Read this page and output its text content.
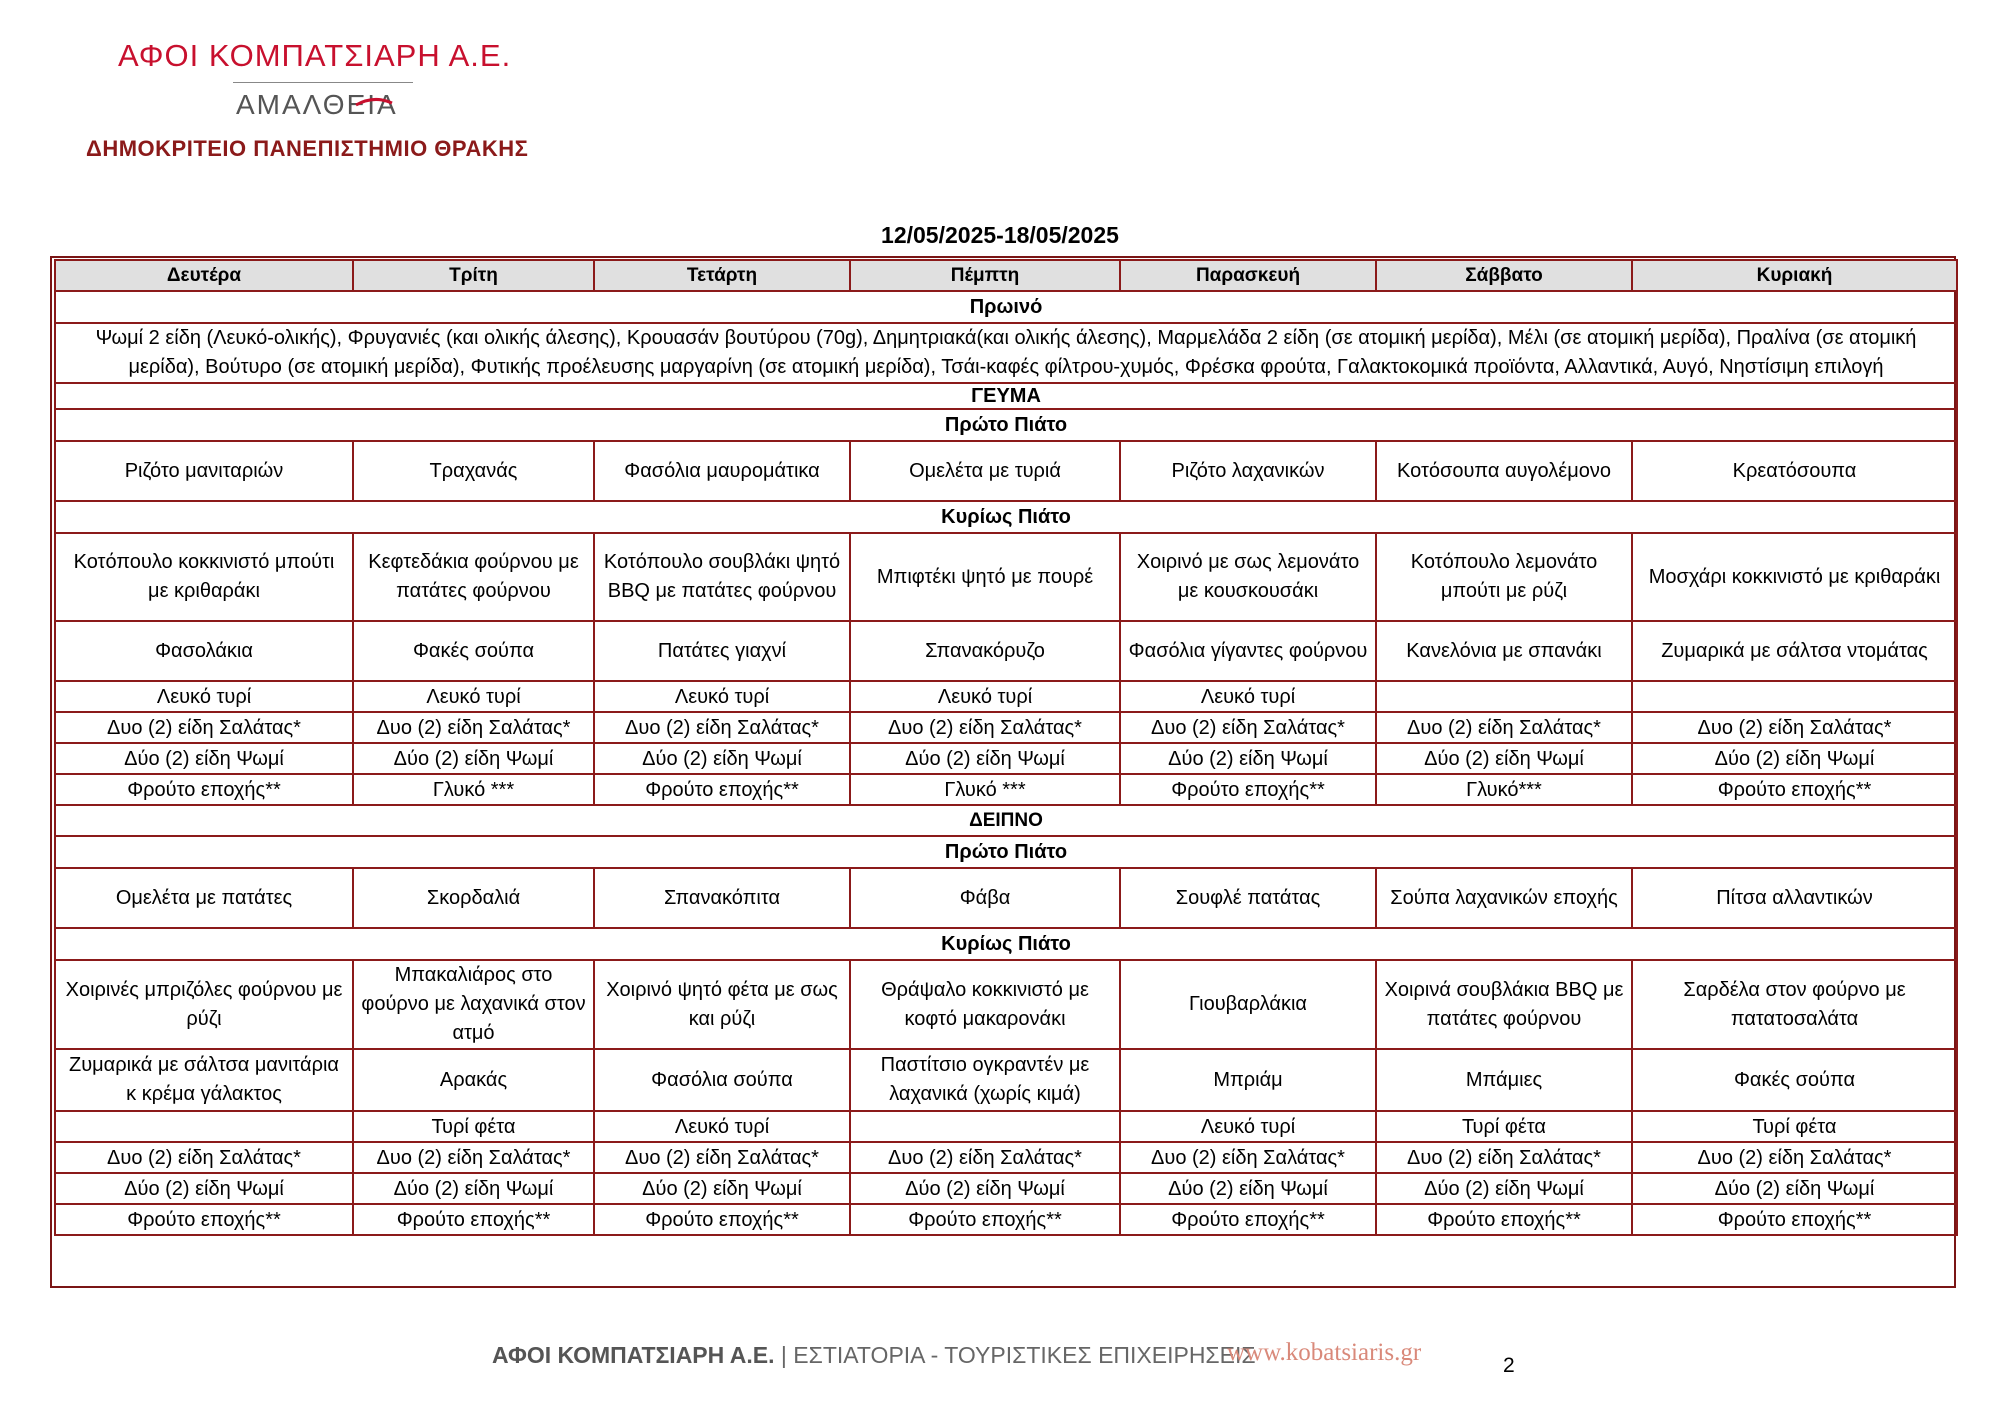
ΑΦΟΙ ΚΟΜΠΑΤΣΙΑΡΗ Α.Ε.
ΑΜΑΛΘΕΙΑ
ΔΗΜΟΚΡΙΤΕΙΟ ΠΑΝΕΠΙΣΤΗΜΙΟ ΘΡΑΚΗΣ
12/05/2025-18/05/2025
Δευτέρα	Τρίτη	Τετάρτη	Πέμπτη	Παρασκευή	Σάββατο	Κυριακή
Πρωινό						
Ψωμί 2 είδη (Λευκό-ολικής), Φρυγανιές (και ολικής άλεσης), Κρουασάν βουτύρου (70g), Δημητριακά(και ολικής άλεσης), Μαρμελάδα 2 είδη (σε ατομική μερίδα), Μέλι (σε ατομική μερίδα), Πραλίνα (σε ατομική μερίδα), Βούτυρο (σε ατομική μερίδα), Φυτικής προέλευσης μαργαρίνη (σε ατομική μερίδα), Τσάι-καφές φίλτρου-χυμός, Φρέσκα φρούτα, Γαλακτοκομικά προϊόντα, Αλλαντικά, Αυγό, Νηστίσιμη επιλογή						
ΓΕΥΜΑ						
Πρώτο Πιάτο						
Ριζότο μανιταριών	Τραχανάς	Φασόλια μαυρομάτικα	Ομελέτα με τυριά	Ριζότο λαχανικών	Κοτόσουπα αυγολέμονο	Κρεατόσουπα
Κυρίως Πιάτο						
Κοτόπουλο κοκκινιστό μπούτι με κριθαράκι	Κεφτεδάκια φούρνου με πατάτες φούρνου	Κοτόπουλο σουβλάκι ψητό BBQ με πατάτες φούρνου	Μπιφτέκι ψητό με πουρέ	Χοιρινό με σως λεμονάτο με κουσκουσάκι	Κοτόπουλο λεμονάτο μπούτι με ρύζι	Μοσχάρι κοκκινιστό με κριθαράκι
Φασολάκια	Φακές σούπα	Πατάτες γιαχνί	Σπανακόρυζο	Φασόλια γίγαντες φούρνου	Κανελόνια με σπανάκι	Ζυμαρικά με σάλτσα ντομάτας
Λευκό τυρί	Λευκό τυρί	Λευκό τυρί	Λευκό τυρί	Λευκό τυρί		
Δυο (2) είδη Σαλάτας*	Δυο (2) είδη Σαλάτας*	Δυο (2) είδη Σαλάτας*	Δυο (2) είδη Σαλάτας*	Δυο (2) είδη Σαλάτας*	Δυο (2) είδη Σαλάτας*	Δυο (2) είδη Σαλάτας*
Δύο (2) είδη Ψωμί	Δύο (2) είδη Ψωμί	Δύο (2) είδη Ψωμί	Δύο (2) είδη Ψωμί	Δύο (2) είδη Ψωμί	Δύο (2) είδη Ψωμί	Δύο (2) είδη Ψωμί
Φρούτο εποχής**	Γλυκό ***	Φρούτο εποχής**	Γλυκό ***	Φρούτο εποχής**	Γλυκό***	Φρούτο εποχής**
ΔΕΙΠΝΟ						
Πρώτο Πιάτο						
Ομελέτα με πατάτες	Σκορδαλιά	Σπανακόπιτα	Φάβα	Σουφλέ πατάτας	Σούπα λαχανικών εποχής	Πίτσα αλλαντικών
Κυρίως Πιάτο						
Χοιρινές μπριζόλες φούρνου με ρύζι	Μπακαλιάρος στο φούρνο με λαχανικά στον ατμό	Χοιρινό ψητό φέτα με σως και ρύζι	Θράψαλο κοκκινιστό με κοφτό μακαρονάκι	Γιουβαρλάκια	Χοιρινά σουβλάκια BBQ με πατάτες φούρνου	Σαρδέλα στον φούρνο με πατατοσαλάτα
Ζυμαρικά με σάλτσα μανιτάρια κ κρέμα γάλακτος	Αρακάς	Φασόλια σούπα	Παστίτσιο ογκραντέν με λαχανικά (χωρίς κιμά)	Μπριάμ	Μπάμιες	Φακές σούπα
	Τυρί φέτα	Λευκό τυρί		Λευκό τυρί	Τυρί φέτα	Τυρί φέτα
Δυο (2) είδη Σαλάτας*	Δυο (2) είδη Σαλάτας*	Δυο (2) είδη Σαλάτας*	Δυο (2) είδη Σαλάτας*	Δυο (2) είδη Σαλάτας*	Δυο (2) είδη Σαλάτας*	Δυο (2) είδη Σαλάτας*
Δύο (2) είδη Ψωμί	Δύο (2) είδη Ψωμί	Δύο (2) είδη Ψωμί	Δύο (2) είδη Ψωμί	Δύο (2) είδη Ψωμί	Δύο (2) είδη Ψωμί	Δύο (2) είδη Ψωμί
Φρούτο εποχής**	Φρούτο εποχής**	Φρούτο εποχής**	Φρούτο εποχής**	Φρούτο εποχής**	Φρούτο εποχής**	Φρούτο εποχής**
ΑΦΟΙ ΚΟΜΠΑΤΣΙΑΡΗ Α.Ε. | ΕΣΤΙΑΤΟΡΙΑ - ΤΟΥΡΙΣΤΙΚΕΣ ΕΠΙΧΕΙΡΗΣΕΙΣ
www.kobatsiaris.gr	2
